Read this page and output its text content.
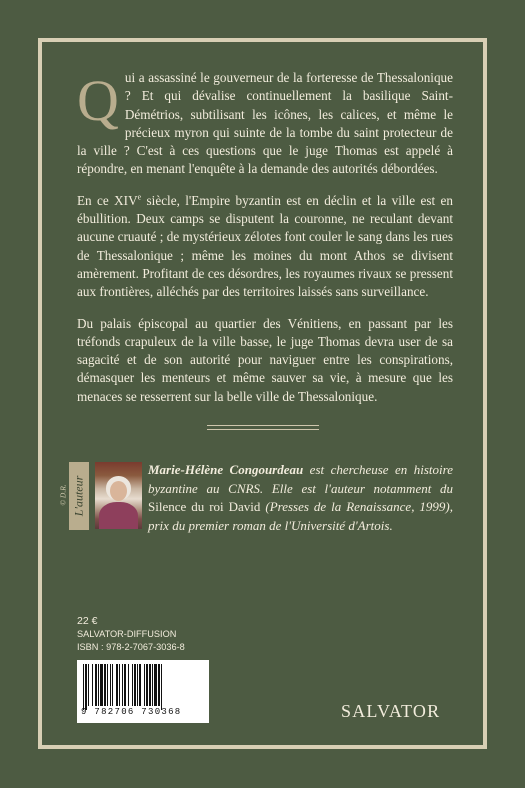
Qui a assassiné le gouverneur de la forteresse de Thessalonique ? Et qui dévalise continuellement la basilique Saint-Démétrios, subtilisant les icônes, les calices, et même le précieux myron qui suinte de la tombe du saint protecteur de la ville ? C'est à ces questions que le juge Thomas est appelé à répondre, en menant l'enquête à la demande des autorités débordées.

En ce XIVe siècle, l'Empire byzantin est en déclin et la ville est en ébullition. Deux camps se disputent la couronne, ne reculant devant aucune cruauté ; de mystérieux zélotes font couler le sang dans les rues de Thessalonique ; même les moines du mont Athos se divisent amèrement. Profitant de ces désordres, les royaumes rivaux se pressent aux frontières, alléchés par des territoires laissés sans surveillance.

Du palais épiscopal au quartier des Vénitiens, en passant par les tréfonds crapuleux de la ville basse, le juge Thomas devra user de sa sagacité et de son autorité pour naviguer entre les conspirations, démasquer les menteurs et même sauver sa vie, à mesure que les menaces se resserrent sur la belle ville de Thessalonique.

© D.R. L'auteur
Marie-Hélène Congourdeau est chercheuse en histoire byzantine au CNRS. Elle est l'auteur notamment du Silence du roi David (Presses de la Renaissance, 1999), prix du premier roman de l'Université d'Artois.
22 €
SALVATOR-DIFFUSION
ISBN : 978-2-7067-3036-8
9 782706 730368	SALVATOR
